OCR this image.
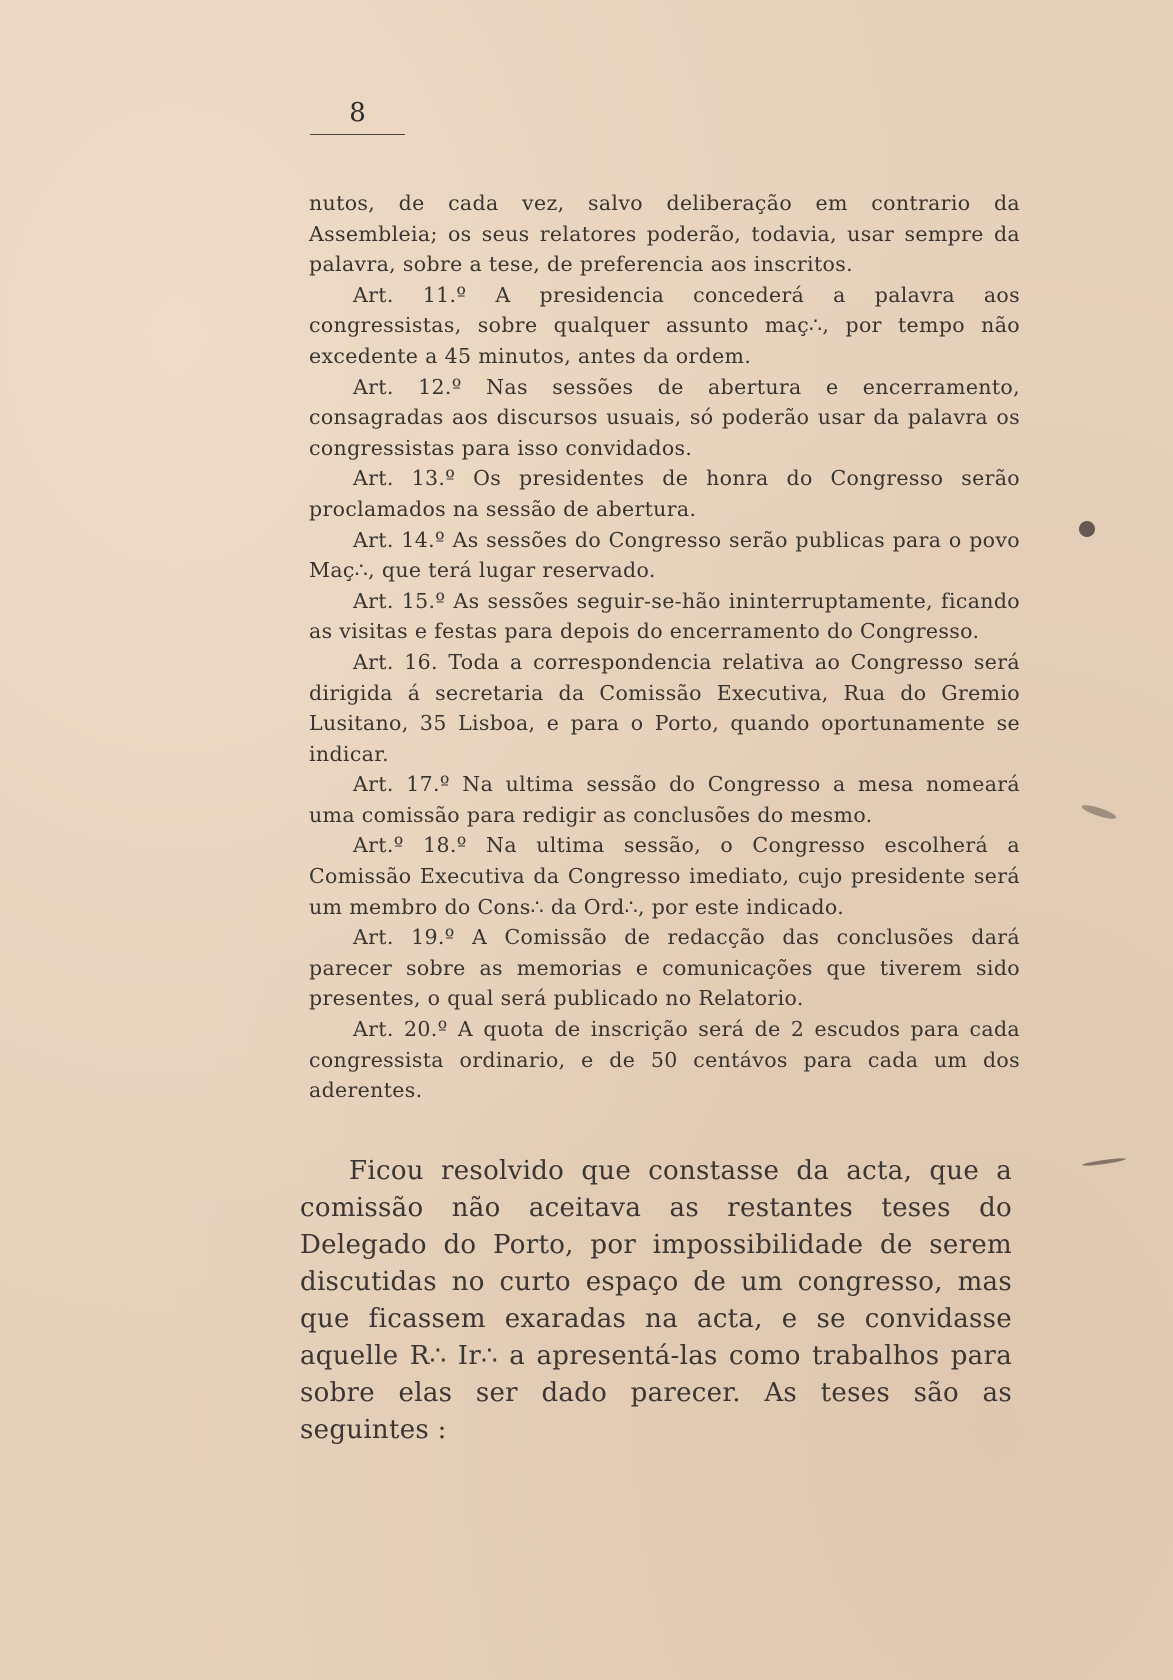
8

nutos, de cada vez, salvo deliberação em contrario da Assembleia; os seus relatores poderão, todavia, usar sempre da palavra, sobre a tese, de preferencia aos inscritos.

Art. 11.º A presidencia concederá a palavra aos congressistas, sobre qualquer assunto maç∴, por tempo não excedente a 45 minutos, antes da ordem.

Art. 12.º Nas sessões de abertura e encerramento, consagradas aos discursos usuais, só poderão usar da palavra os congressistas para isso convidados.

Art. 13.º Os presidentes de honra do Congresso serão proclamados na sessão de abertura.

Art. 14.º As sessões do Congresso serão publicas para o povo Maç∴, que terá lugar reservado.

Art. 15.º As sessões seguir-se-hão ininterruptamente, ficando as visitas e festas para depois do encerramento do Congresso.

Art. 16. Toda a correspondencia relativa ao Congresso será dirigida á secretaria da Comissão Executiva, Rua do Gremio Lusitano, 35 Lisboa, e para o Porto, quando oportunamente se indicar.

Art. 17.º Na ultima sessão do Congresso a mesa nomeará uma comissão para redigir as conclusões do mesmo.

Art.º 18.º Na ultima sessão, o Congresso escolherá a Comissão Executiva da Congresso imediato, cujo presidente será um membro do Cons∴ da Ord∴, por este indicado.

Art. 19.º A Comissão de redacção das conclusões dará parecer sobre as memorias e comunicações que tiverem sido presentes, o qual será publicado no Relatorio.

Art. 20.º A quota de inscrição será de 2 escudos para cada congressista ordinario, e de 50 centávos para cada um dos aderentes.

Ficou resolvido que constasse da acta, que a comissão não aceitava as restantes teses do Delegado do Porto, por impossibilidade de serem discutidas no curto espaço de um congresso, mas que ficassem exaradas na acta, e se convidasse aquelle R∴ Ir∴ a apresentá-las como trabalhos para sobre elas ser dado parecer. As teses são as seguintes :
